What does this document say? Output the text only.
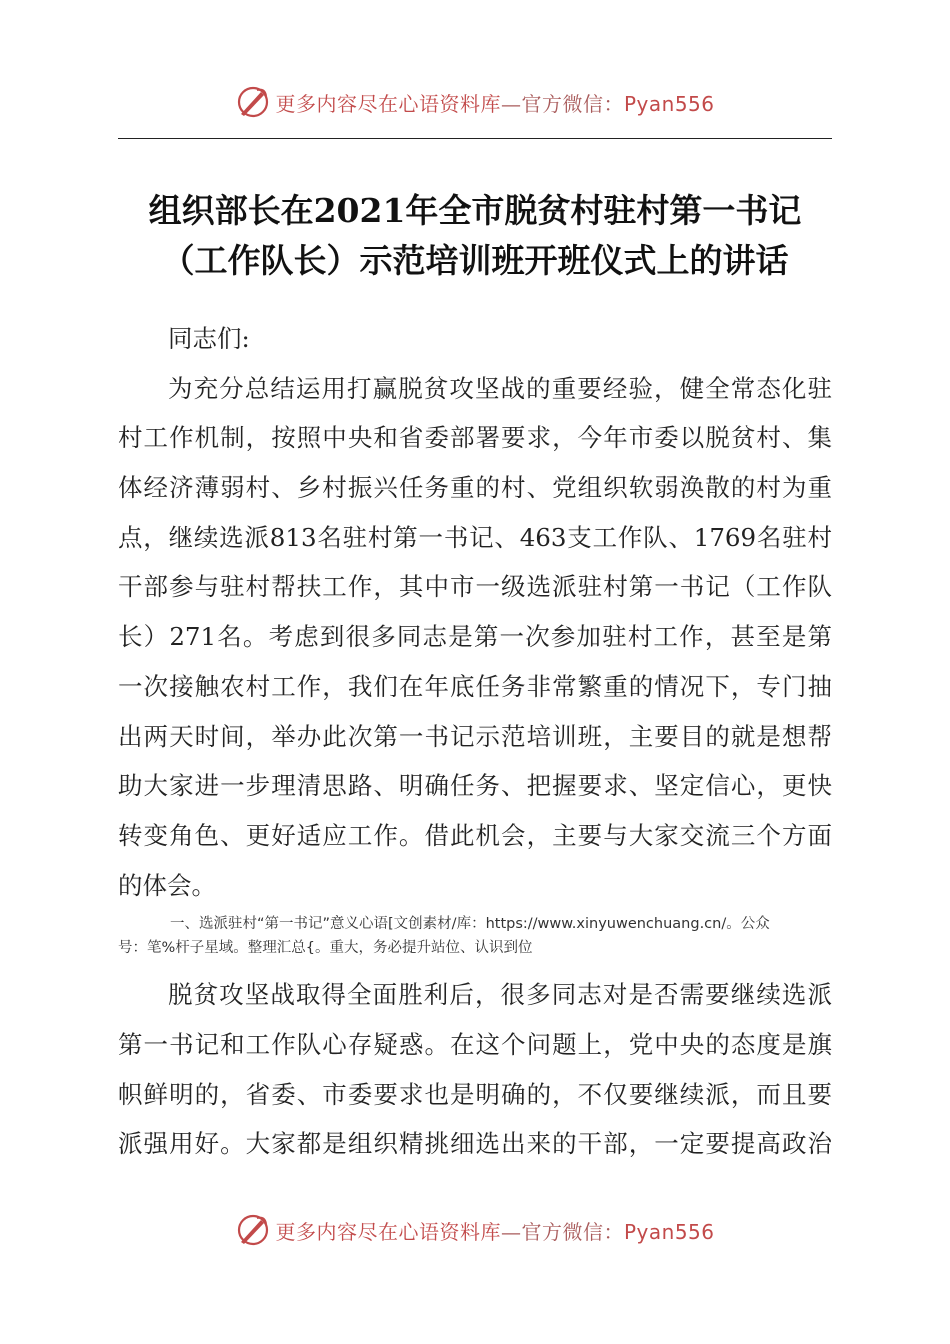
更多内容尽在心语资料库—官方微信：Pyan556
组织部长在2021年全市脱贫村驻村第一书记
（工作队长）示范培训班开班仪式上的讲话
同志们:
为充分总结运用打赢脱贫攻坚战的重要经验，健全常态化驻
村工作机制，按照中央和省委部署要求，今年市委以脱贫村、集
体经济薄弱村、乡村振兴任务重的村、党组织软弱涣散的村为重
点，继续选派813名驻村第一书记、463支工作队、1769名驻村
干部参与驻村帮扶工作，其中市一级选派驻村第一书记（工作队
长）271名。考虑到很多同志是第一次参加驻村工作，甚至是第
一次接触农村工作，我们在年底任务非常繁重的情况下，专门抽
出两天时间，举办此次第一书记示范培训班，主要目的就是想帮
助大家进一步理清思路、明确任务、把握要求、坚定信心，更快
转变角色、更好适应工作。借此机会，主要与大家交流三个方面
的体会。
一、选派驻村“第一书记”意义心语[文创素材/库：https://www.xinyuwenchuang.cn/。公众
号：笔%杆子星域。整理汇总{。重大，务必提升站位、认识到位
脱贫攻坚战取得全面胜利后，很多同志对是否需要继续选派
第一书记和工作队心存疑惑。在这个问题上，党中央的态度是旗
帜鲜明的，省委、市委要求也是明确的，不仅要继续派，而且要
派强用好。大家都是组织精挑细选出来的干部，一定要提高政治
更多内容尽在心语资料库—官方微信：Pyan556
